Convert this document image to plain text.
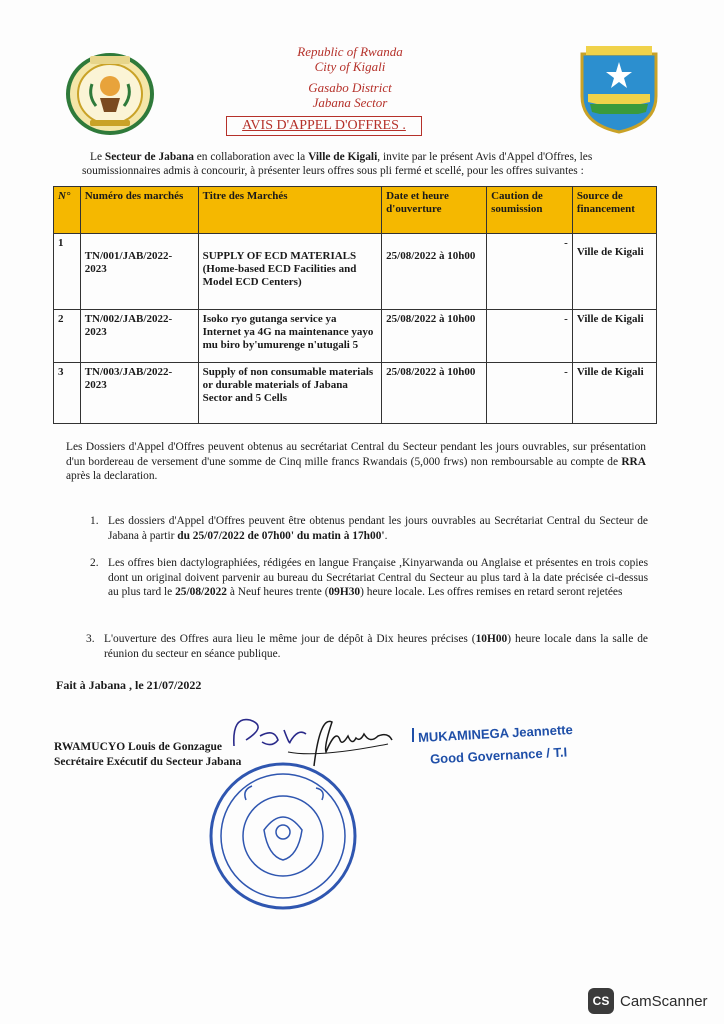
Republic of Rwanda
City of Kigali
Gasabo District
Jabana Sector
AVIS D'APPEL D'OFFRES .
Le Secteur de Jabana en collaboration avec la Ville de Kigali, invite par le présent Avis d'Appel d'Offres, les soumissionnaires admis à concourir, à présenter leurs offres sous pli fermé et scellé, pour les offres suivantes :
N°	Numéro des marchés	Titre des Marchés	Date et heure d'ouverture	Caution de soumission	Source de financement
1	TN/001/JAB/2022-2023	SUPPLY OF ECD MATERIALS (Home-based ECD Facilities and Model ECD Centers)	25/08/2022 à 10h00	-	Ville de Kigali
2	TN/002/JAB/2022-2023	Isoko ryo gutanga service ya Internet ya 4G na maintenance yayo mu biro by'umurenge n'utugali 5	25/08/2022 à 10h00	-	Ville de Kigali
3	TN/003/JAB/2022-2023	Supply of non consumable materials or durable materials of Jabana Sector and 5 Cells	25/08/2022 à 10h00	-	Ville de Kigali
Les Dossiers d'Appel d'Offres peuvent obtenus au secrétariat Central du Secteur pendant les jours ouvrables, sur présentation d'un bordereau de versement d'une somme de Cinq mille francs Rwandais (5,000 frws) non remboursable au compte de RRA après la declaration.
1. Les dossiers d'Appel d'Offres peuvent être obtenus pendant les jours ouvrables au Secrétariat Central du Secteur de Jabana à partir du 25/07/2022 de 07h00' du matin à 17h00'.
2. Les offres bien dactylographiées, rédigées en langue Française ,Kinyarwanda ou Anglaise et présentes en trois copies dont un original doivent parvenir au bureau du Secrétariat Central du Secteur au plus tard à la date précisée ci-dessus au plus tard le 25/08/2022 à Neuf heures trente (09H30) heure locale. Les offres remises en retard seront rejetées
3. L'ouverture des Offres aura lieu le même jour de dépôt à Dix heures précises (10H00) heure locale dans la salle de réunion du secteur en séance publique.
Fait à Jabana , le 21/07/2022
RWAMUCYO Louis de Gonzague
Secrétaire Exécutif du Secteur Jabana
MUKAMINEGA Jeannette
Good Governance / T.I
CS CamScanner
